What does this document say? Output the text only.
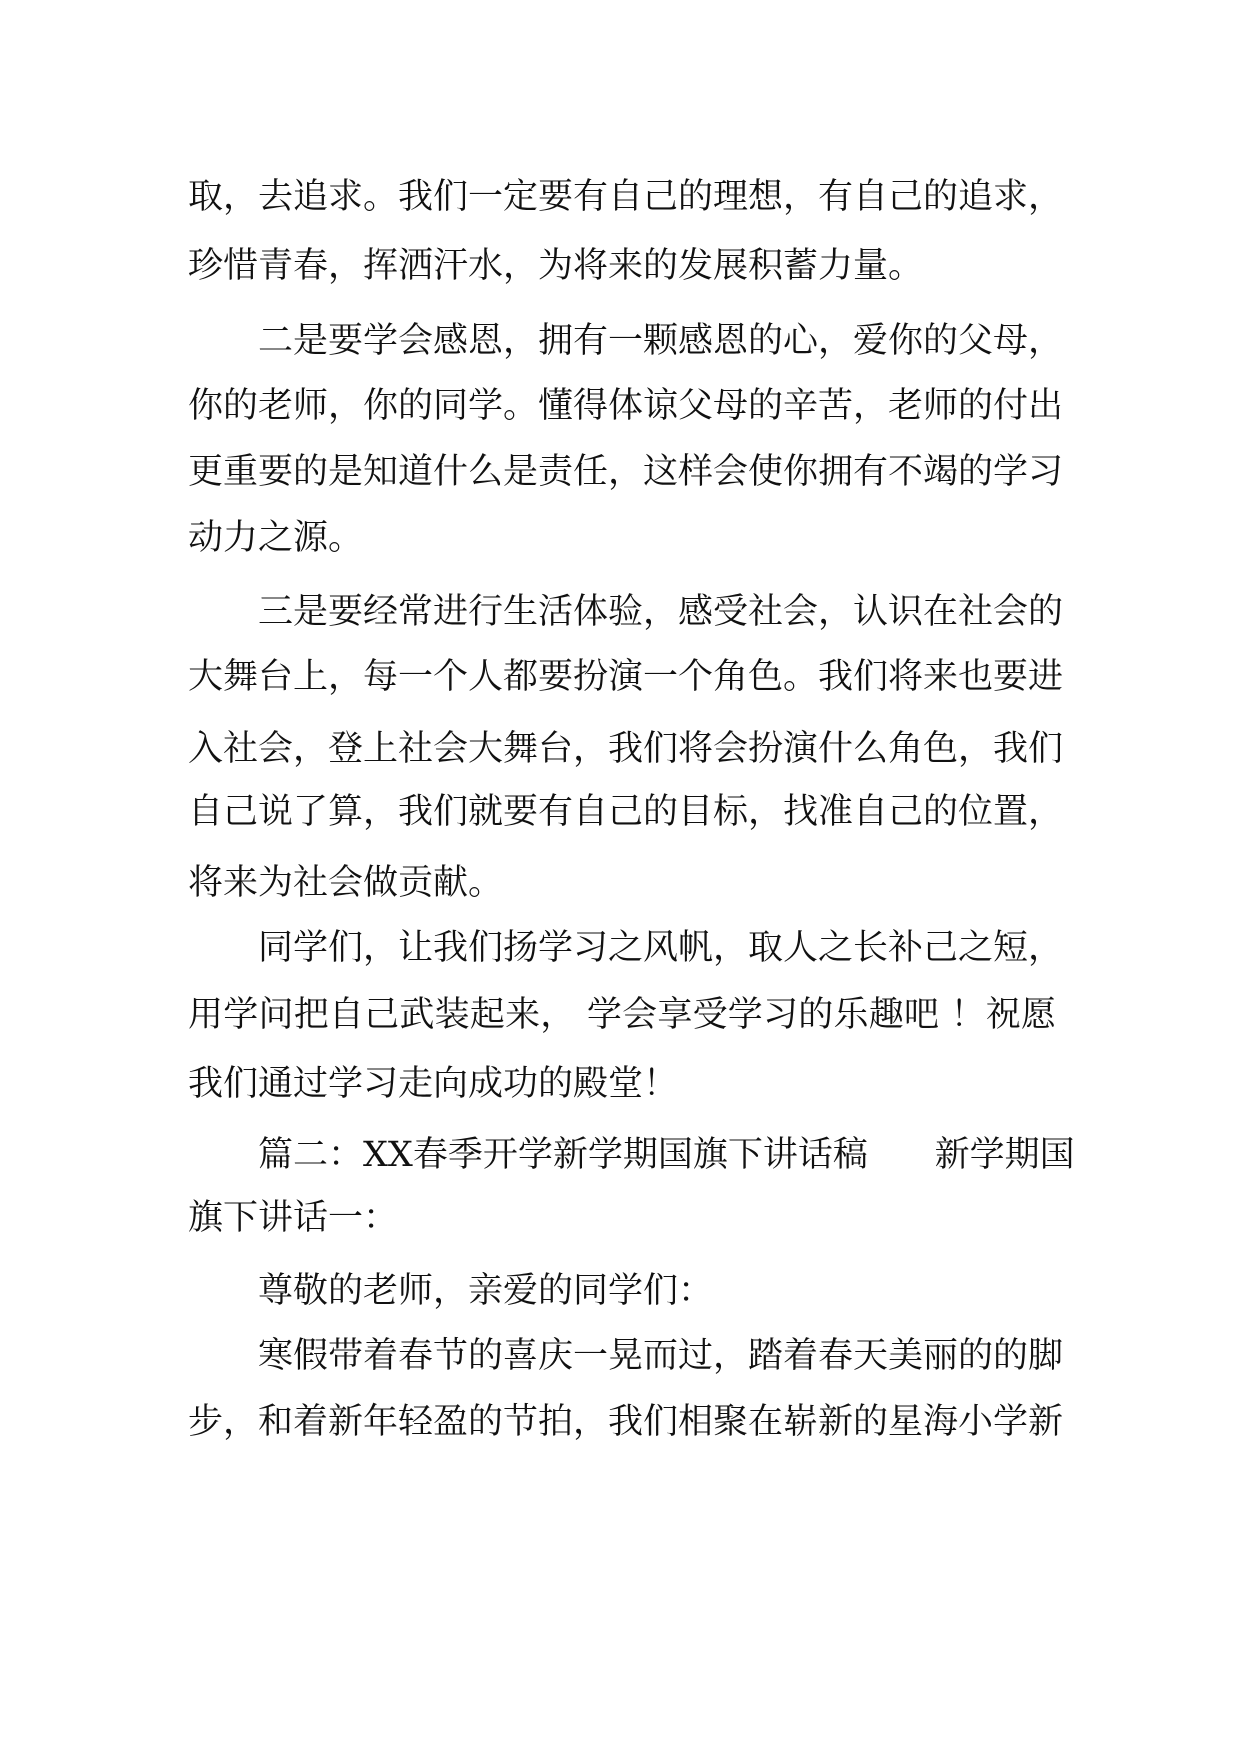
取，去追求。我们一定要有自己的理想，有自己的追求，
珍惜青春，挥洒汗水，为将来的发展积蓄力量。
二是要学会感恩，拥有一颗感恩的心，爱你的父母，
你的老师，你的同学。懂得体谅父母的辛苦，老师的付出
更重要的是知道什么是责任，这样会使你拥有不竭的学习
动力之源。
三是要经常进行生活体验，感受社会，认识在社会的
大舞台上，每一个人都要扮演一个角色。我们将来也要进
入社会，登上社会大舞台，我们将会扮演什么角色，我们
自己说了算，我们就要有自己的目标，找准自己的位置，
将来为社会做贡献。
同学们，让我们扬学习之风帆，取人之长补己之短，
用学问把自己武装起来， 学会享受学习的乐趣吧 ！祝愿
我们通过学习走向成功的殿堂！
篇二：XX春季开学新学期国旗下讲话稿      新学期国
旗下讲话一：
尊敬的老师，亲爱的同学们：
寒假带着春节的喜庆一晃而过，踏着春天美丽的的脚
步，和着新年轻盈的节拍，我们相聚在崭新的星海小学新
